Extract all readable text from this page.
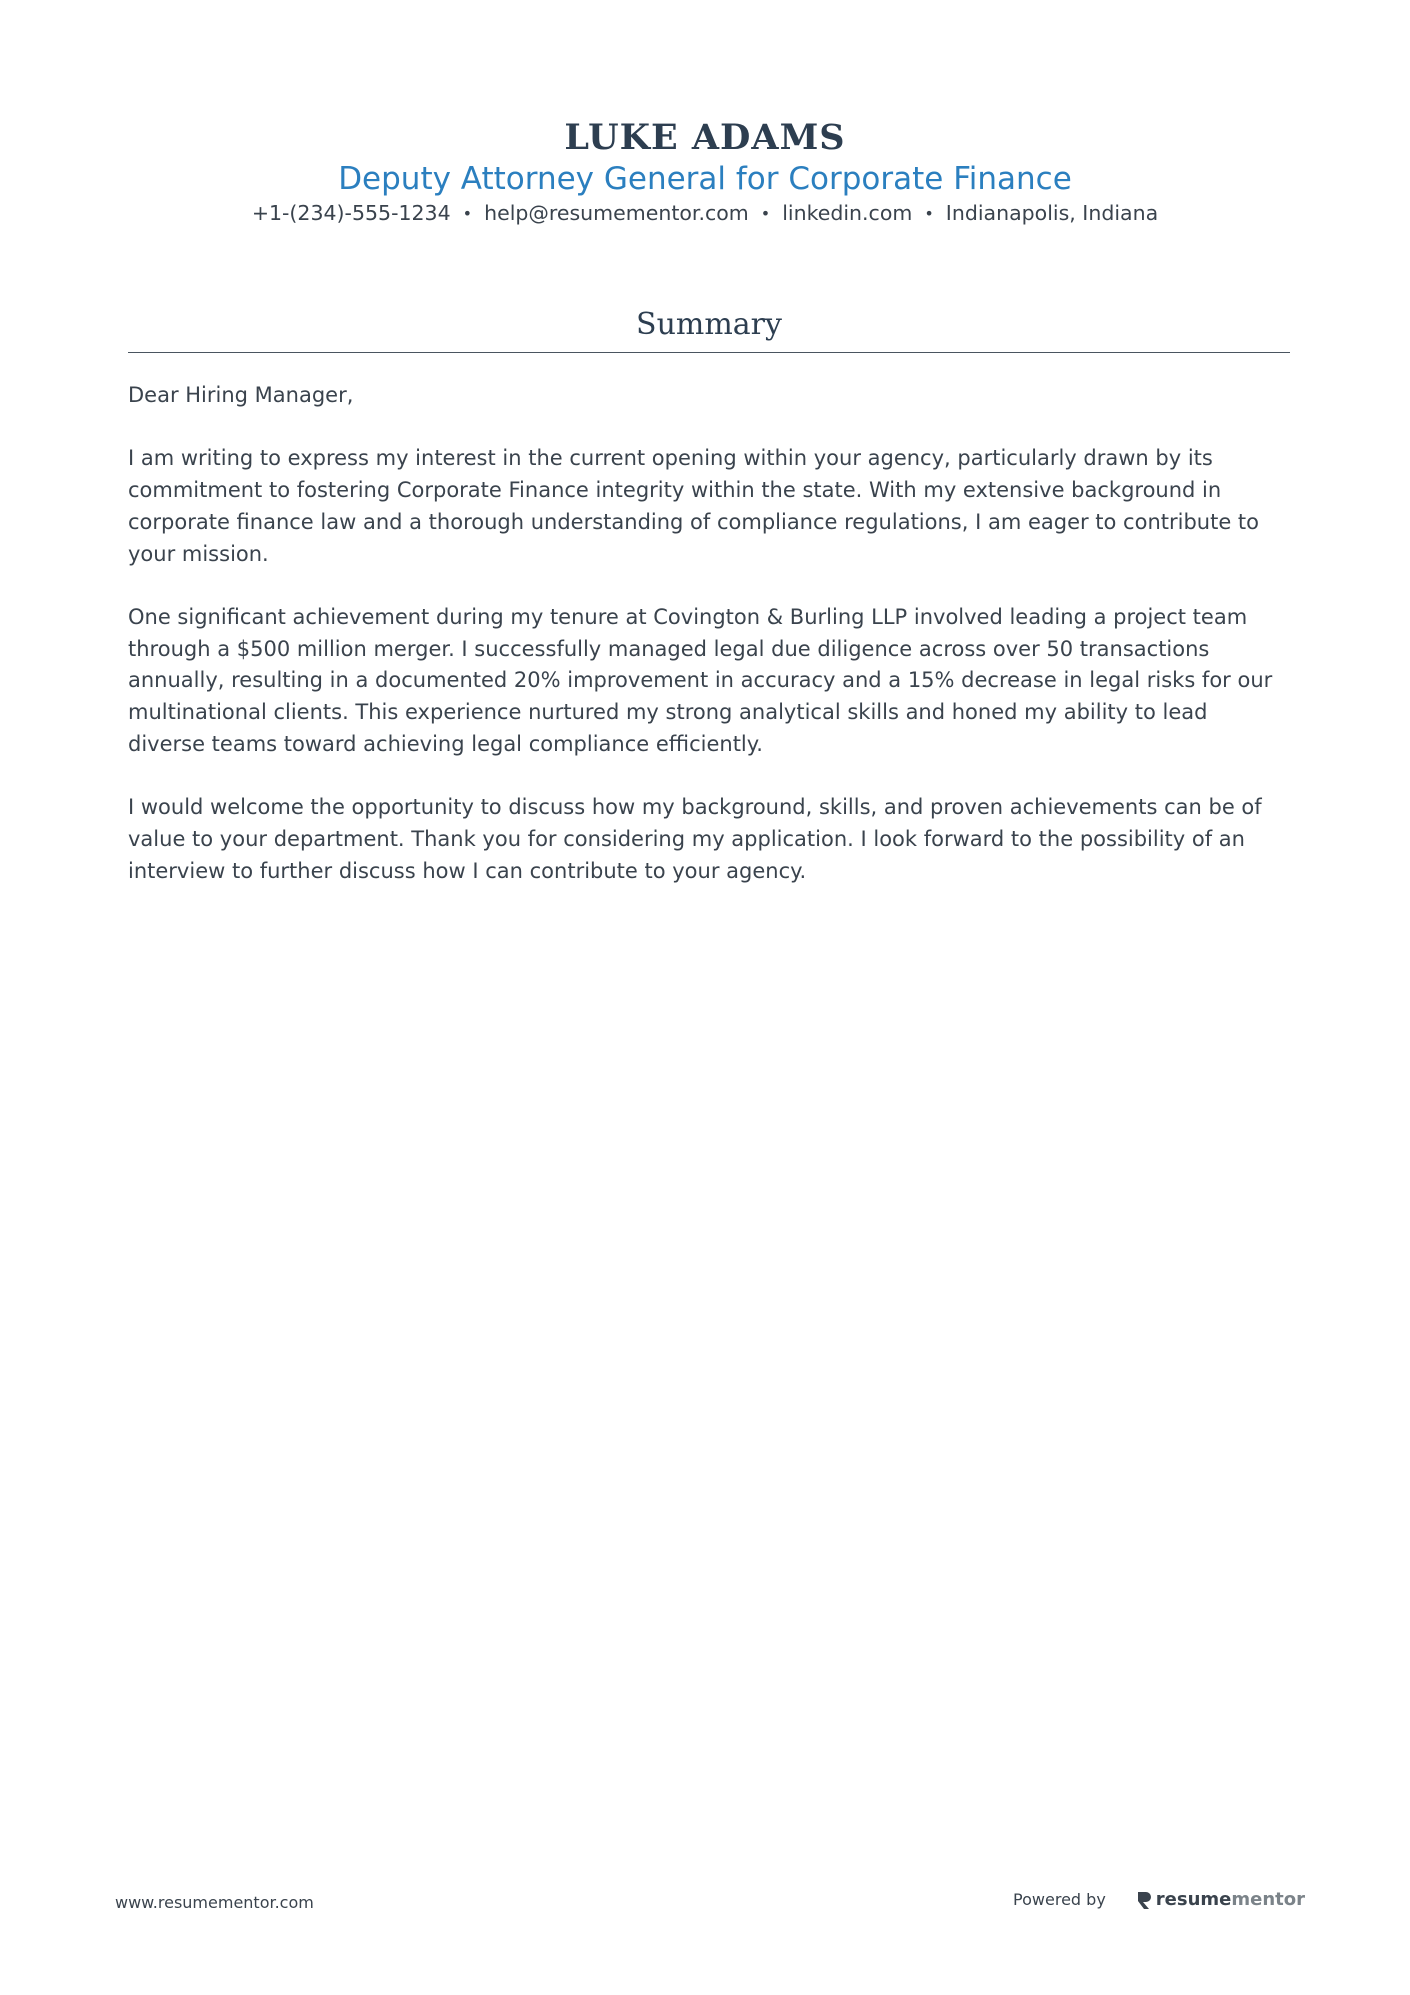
LUKE ADAMS
Deputy Attorney General for Corporate Finance
+1-(234)-555-1234 • help@resumementor.com • linkedin.com • Indianapolis, Indiana
Summary

Dear Hiring Manager,

I am writing to express my interest in the current opening within your agency, particularly drawn by its commitment to fostering Corporate Finance integrity within the state. With my extensive background in corporate finance law and a thorough understanding of compliance regulations, I am eager to contribute to your mission.

One significant achievement during my tenure at Covington & Burling LLP involved leading a project team through a $500 million merger. I successfully managed legal due diligence across over 50 transactions annually, resulting in a documented 20% improvement in accuracy and a 15% decrease in legal risks for our multinational clients. This experience nurtured my strong analytical skills and honed my ability to lead diverse teams toward achieving legal compliance efficiently.

I would welcome the opportunity to discuss how my background, skills, and proven achievements can be of value to your department. Thank you for considering my application. I look forward to the possibility of an interview to further discuss how I can contribute to your agency.

www.resumementor.com	Powered by	resume mentor
